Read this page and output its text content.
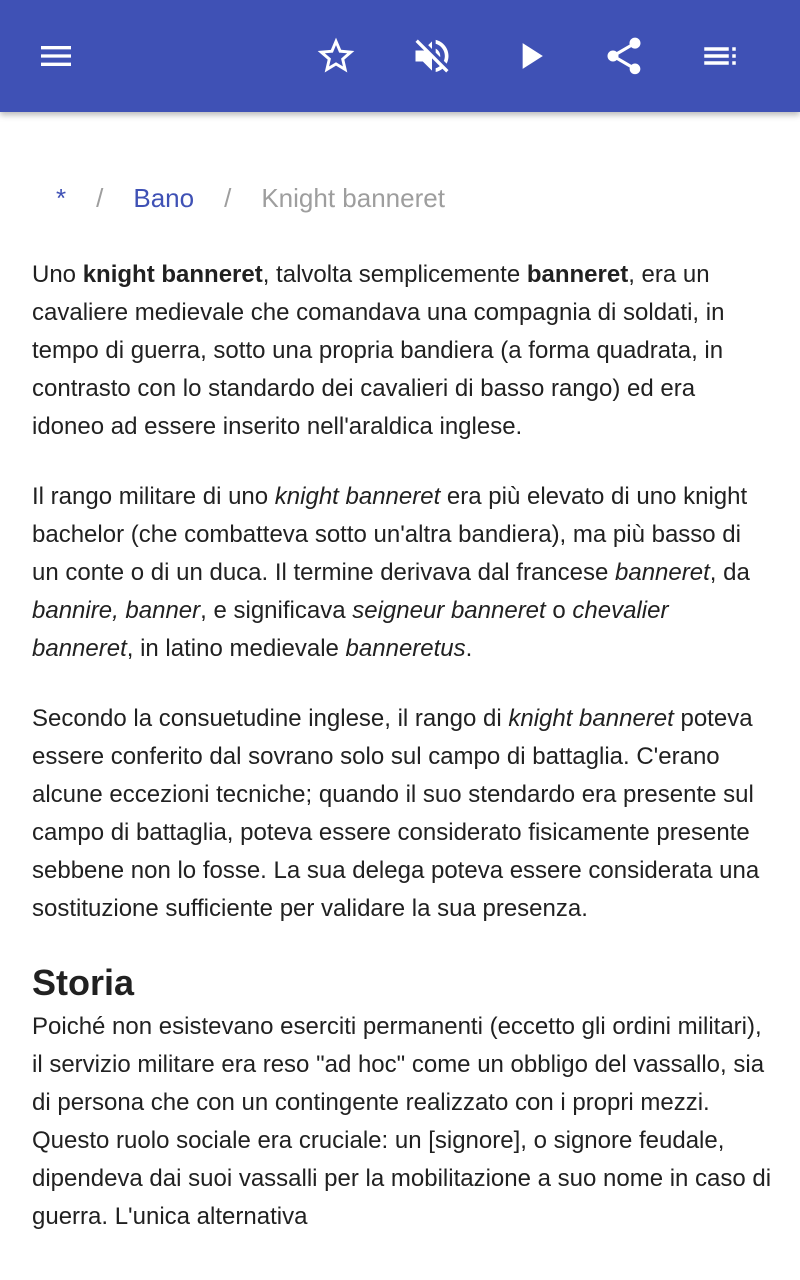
* / Bano / Knight banneret

Uno knight banneret, talvolta semplicemente banneret, era un cavaliere medievale che comandava una compagnia di soldati, in tempo di guerra, sotto una propria bandiera (a forma quadrata, in contrasto con lo standardo dei cavalieri di basso rango) ed era idoneo ad essere inserito nell'araldica inglese.

Il rango militare di uno knight banneret era più elevato di uno knight bachelor (che combatteva sotto un'altra bandiera), ma più basso di un conte o di un duca. Il termine derivava dal francese banneret, da bannire, banner, e significava seigneur banneret o chevalier banneret, in latino medievale banneretus.

Secondo la consuetudine inglese, il rango di knight banneret poteva essere conferito dal sovrano solo sul campo di battaglia. C'erano alcune eccezioni tecniche; quando il suo stendardo era presente sul campo di battaglia, poteva essere considerato fisicamente presente sebbene non lo fosse. La sua delega poteva essere considerata una sostituzione sufficiente per validare la sua presenza.

Storia

Poiché non esistevano eserciti permanenti (eccetto gli ordini militari), il servizio militare era reso "ad hoc" come un obbligo del vassallo, sia di persona che con un contingente realizzato con i propri mezzi. Questo ruolo sociale era cruciale: un [signore], o signore feudale, dipendeva dai suoi vassalli per la mobilitazione a suo nome in caso di guerra. L'unica alternativa
